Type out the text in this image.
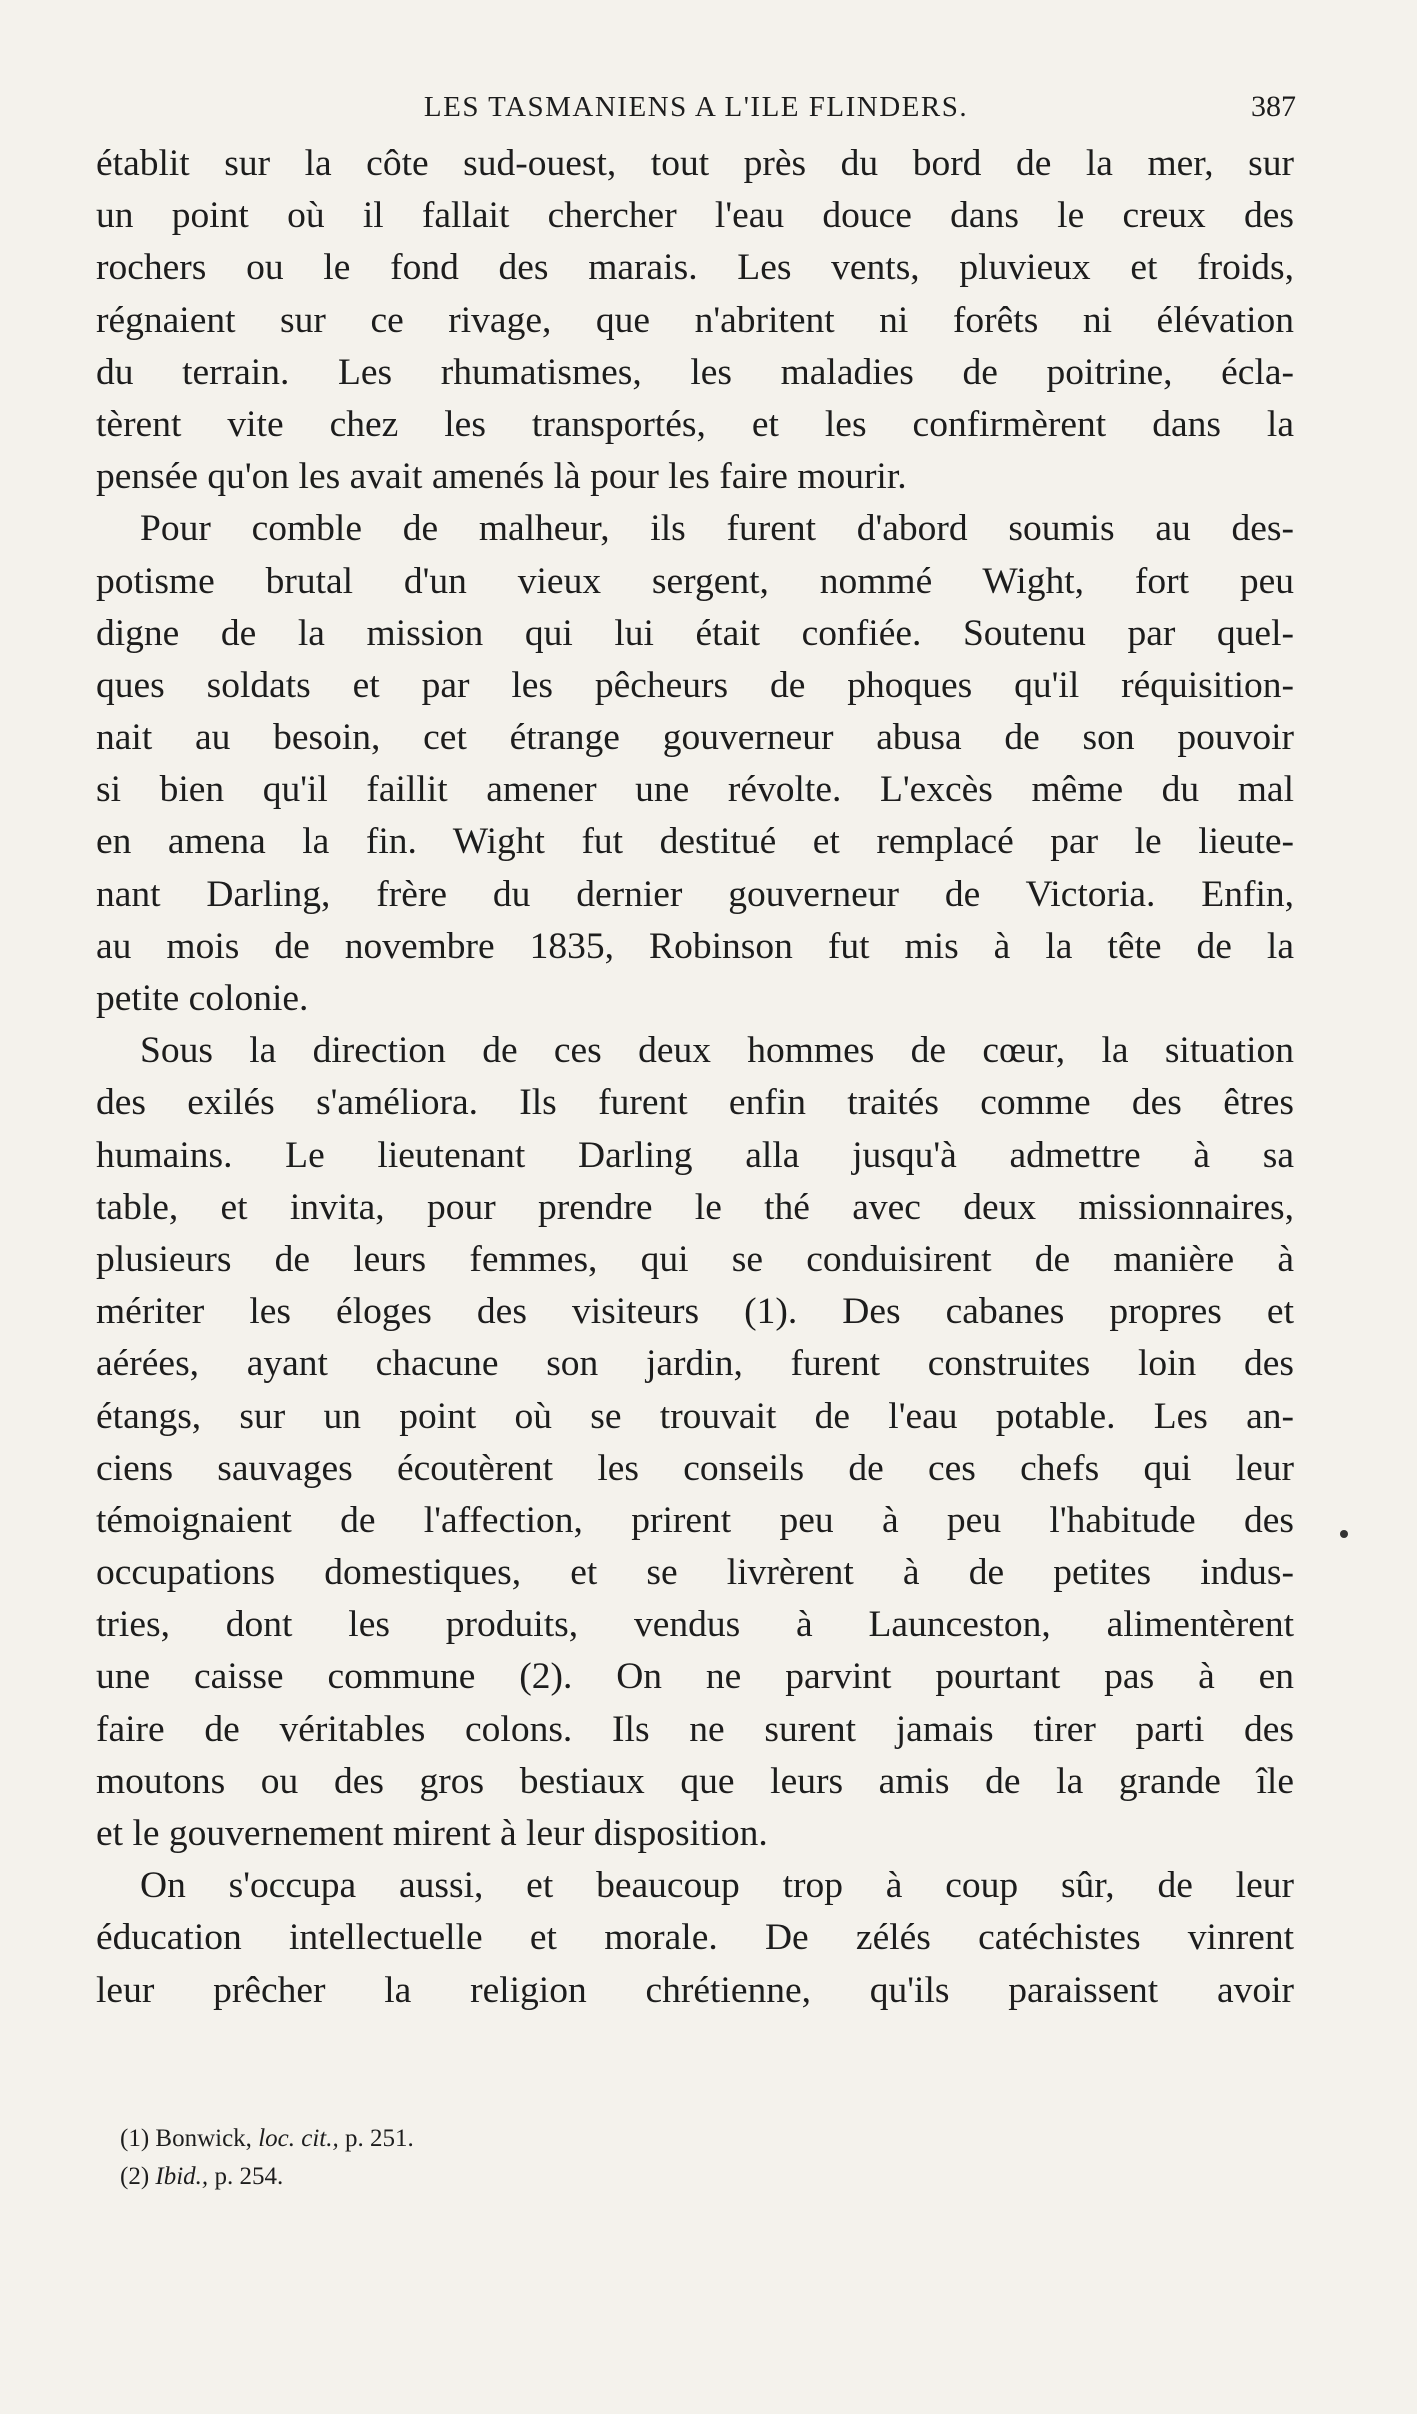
LES TASMANIENS A L'ILE FLINDERS.	387
établit sur la côte sud-ouest, tout près du bord de la mer, sur
un point où il fallait chercher l'eau douce dans le creux des
rochers ou le fond des marais. Les vents, pluvieux et froids,
régnaient sur ce rivage, que n'abritent ni forêts ni élévation
du terrain. Les rhumatismes, les maladies de poitrine, écla-
tèrent vite chez les transportés, et les confirmèrent dans la
pensée qu'on les avait amenés là pour les faire mourir.
Pour comble de malheur, ils furent d'abord soumis au des-
potisme brutal d'un vieux sergent, nommé Wight, fort peu
digne de la mission qui lui était confiée. Soutenu par quel-
ques soldats et par les pêcheurs de phoques qu'il réquisition-
nait au besoin, cet étrange gouverneur abusa de son pouvoir
si bien qu'il faillit amener une révolte. L'excès même du mal
en amena la fin. Wight fut destitué et remplacé par le lieute-
nant Darling, frère du dernier gouverneur de Victoria. Enfin,
au mois de novembre 1835, Robinson fut mis à la tête de la
petite colonie.
Sous la direction de ces deux hommes de cœur, la situation
des exilés s'améliora. Ils furent enfin traités comme des êtres
humains. Le lieutenant Darling alla jusqu'à admettre à sa
table, et invita, pour prendre le thé avec deux missionnaires,
plusieurs de leurs femmes, qui se conduisirent de manière à
mériter les éloges des visiteurs (1). Des cabanes propres et
aérées, ayant chacune son jardin, furent construites loin des
étangs, sur un point où se trouvait de l'eau potable. Les an-
ciens sauvages écoutèrent les conseils de ces chefs qui leur
témoignaient de l'affection, prirent peu à peu l'habitude des
occupations domestiques, et se livrèrent à de petites indus-
tries, dont les produits, vendus à Launceston, alimentèrent
une caisse commune (2). On ne parvint pourtant pas à en
faire de véritables colons. Ils ne surent jamais tirer parti des
moutons ou des gros bestiaux que leurs amis de la grande île
et le gouvernement mirent à leur disposition.
On s'occupa aussi, et beaucoup trop à coup sûr, de leur
éducation intellectuelle et morale. De zélés catéchistes vinrent
leur prêcher la religion chrétienne, qu'ils paraissent avoir
(1) Bonwick, loc. cit., p. 251.
(2) Ibid., p. 254.
